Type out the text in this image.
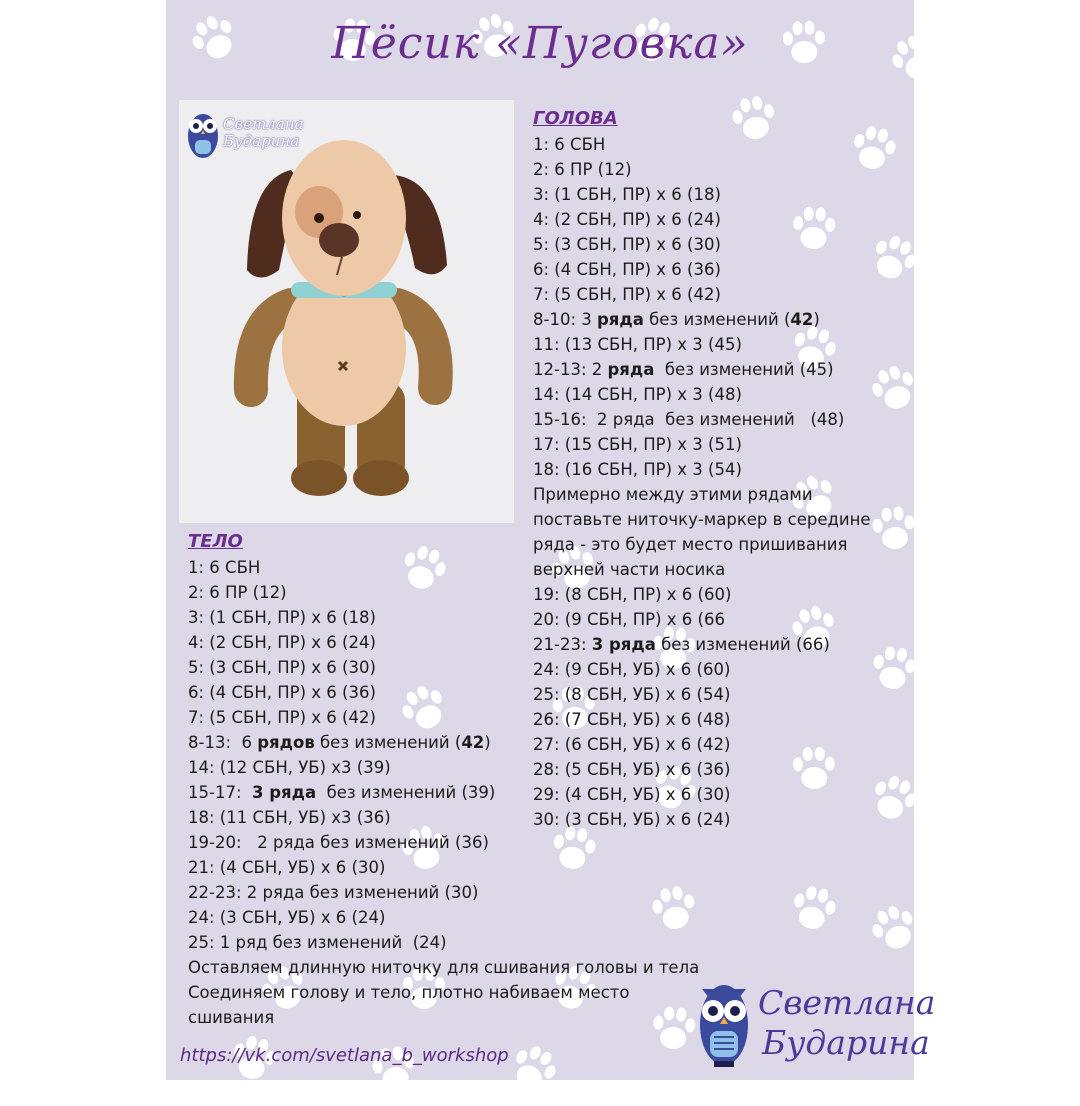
Пёсик «Пуговка»
Светлана
Бударина
ГОЛОВА
1: 6 СБН
2: 6 ПР (12)
3: (1 СБН, ПР) х 6 (18)
4: (2 СБН, ПР) х 6 (24)
5: (3 СБН, ПР) х 6 (30)
6: (4 СБН, ПР) х 6 (36)
7: (5 СБН, ПР) х 6 (42)
8-10: 3 ряда без изменений (42)
11: (13 СБН, ПР) х 3 (45)
12-13: 2 ряда  без изменений (45)
14: (14 СБН, ПР) х 3 (48)
15-16:  2 ряда  без изменений   (48)
17: (15 СБН, ПР) х 3 (51)
18: (16 СБН, ПР) х 3 (54)
Примерно между этими рядами поставьте ниточку-маркер в середине ряда - это будет место пришивания верхней части носика
19: (8 СБН, ПР) х 6 (60)
20: (9 СБН, ПР) х 6 (66
21-23: 3 ряда без изменений (66)
24: (9 СБН, УБ) х 6 (60)
25: (8 СБН, УБ) х 6 (54)
26: (7 СБН, УБ) х 6 (48)
27: (6 СБН, УБ) х 6 (42)
28: (5 СБН, УБ) х 6 (36)
29: (4 СБН, УБ) х 6 (30)
30: (3 СБН, УБ) х 6 (24)
ТЕЛО
1: 6 СБН
2: 6 ПР (12)
3: (1 СБН, ПР) х 6 (18)
4: (2 СБН, ПР) х 6 (24)
5: (3 СБН, ПР) х 6 (30)
6: (4 СБН, ПР) х 6 (36)
7: (5 СБН, ПР) х 6 (42)
8-13:  6 рядов без изменений (42)
14: (12 СБН, УБ) х3 (39)
15-17:  3 ряда  без изменений (39)
18: (11 СБН, УБ) х3 (36)
19-20:   2 ряда без изменений (36)
21: (4 СБН, УБ) х 6 (30)
22-23: 2 ряда без изменений (30)
24: (3 СБН, УБ) х 6 (24)
25: 1 ряд без изменений  (24)
Оставляем длинную ниточку для сшивания головы и тела
Соединяем голову и тело, плотно набиваем место сшивания
https://vk.com/svetlana_b_workshop
Светлана
Бударина
